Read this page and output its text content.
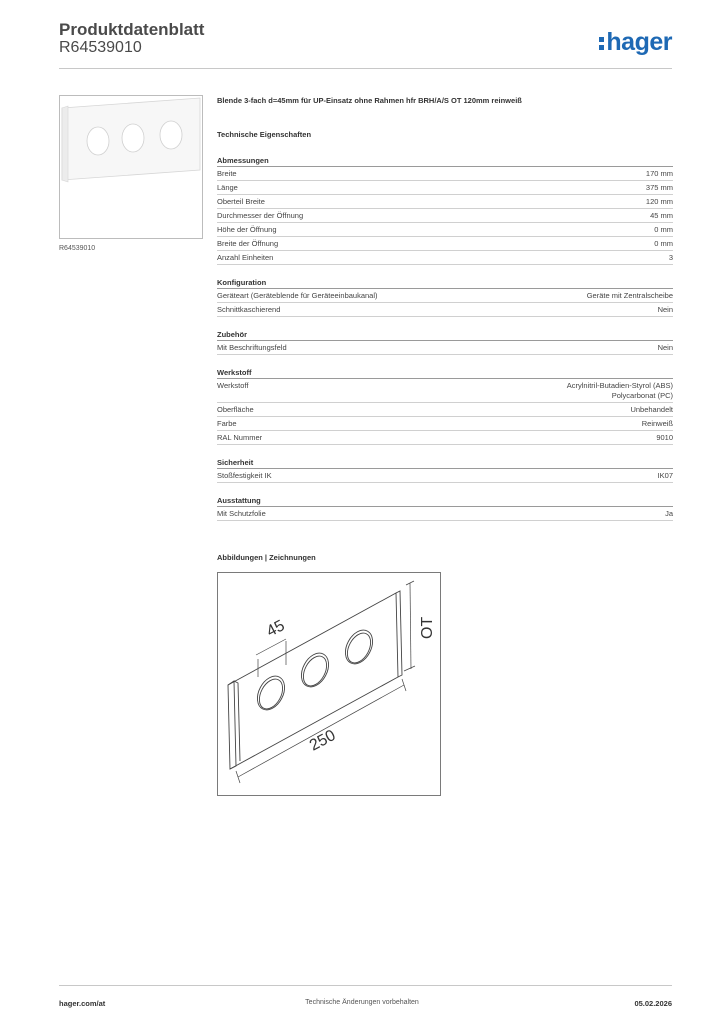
Produktdatenblatt
R64539010	hager
R64539010
Blende 3-fach d=45mm für UP-Einsatz ohne Rahmen hfr BRH/A/S OT 120mm reinweiß
Technische Eigenschaften
Abmessungen
Breite	170 mm
Länge	375 mm
Oberteil Breite	120 mm
Durchmesser der Öffnung	45 mm
Höhe der Öffnung	0 mm
Breite der Öffnung	0 mm
Anzahl Einheiten	3
Konfiguration
Geräteart (Geräteblende für Geräteeinbaukanal)	Geräte mit Zentralscheibe
Schnittkaschierend	Nein
Zubehör
Mit Beschriftungsfeld	Nein
Werkstoff
Werkstoff	Acrylnitril-Butadien-Styrol (ABS)
Polycarbonat (PC)
Oberfläche	Unbehandelt
Farbe	Reinweiß
RAL Nummer	9010
Sicherheit
Stoßfestigkeit IK	IK07
Ausstattung
Mit Schutzfolie	Ja
Abbildungen | Zeichnungen
45	OT
250
hager.com/at	Technische Änderungen vorbehalten	05.02.2026
